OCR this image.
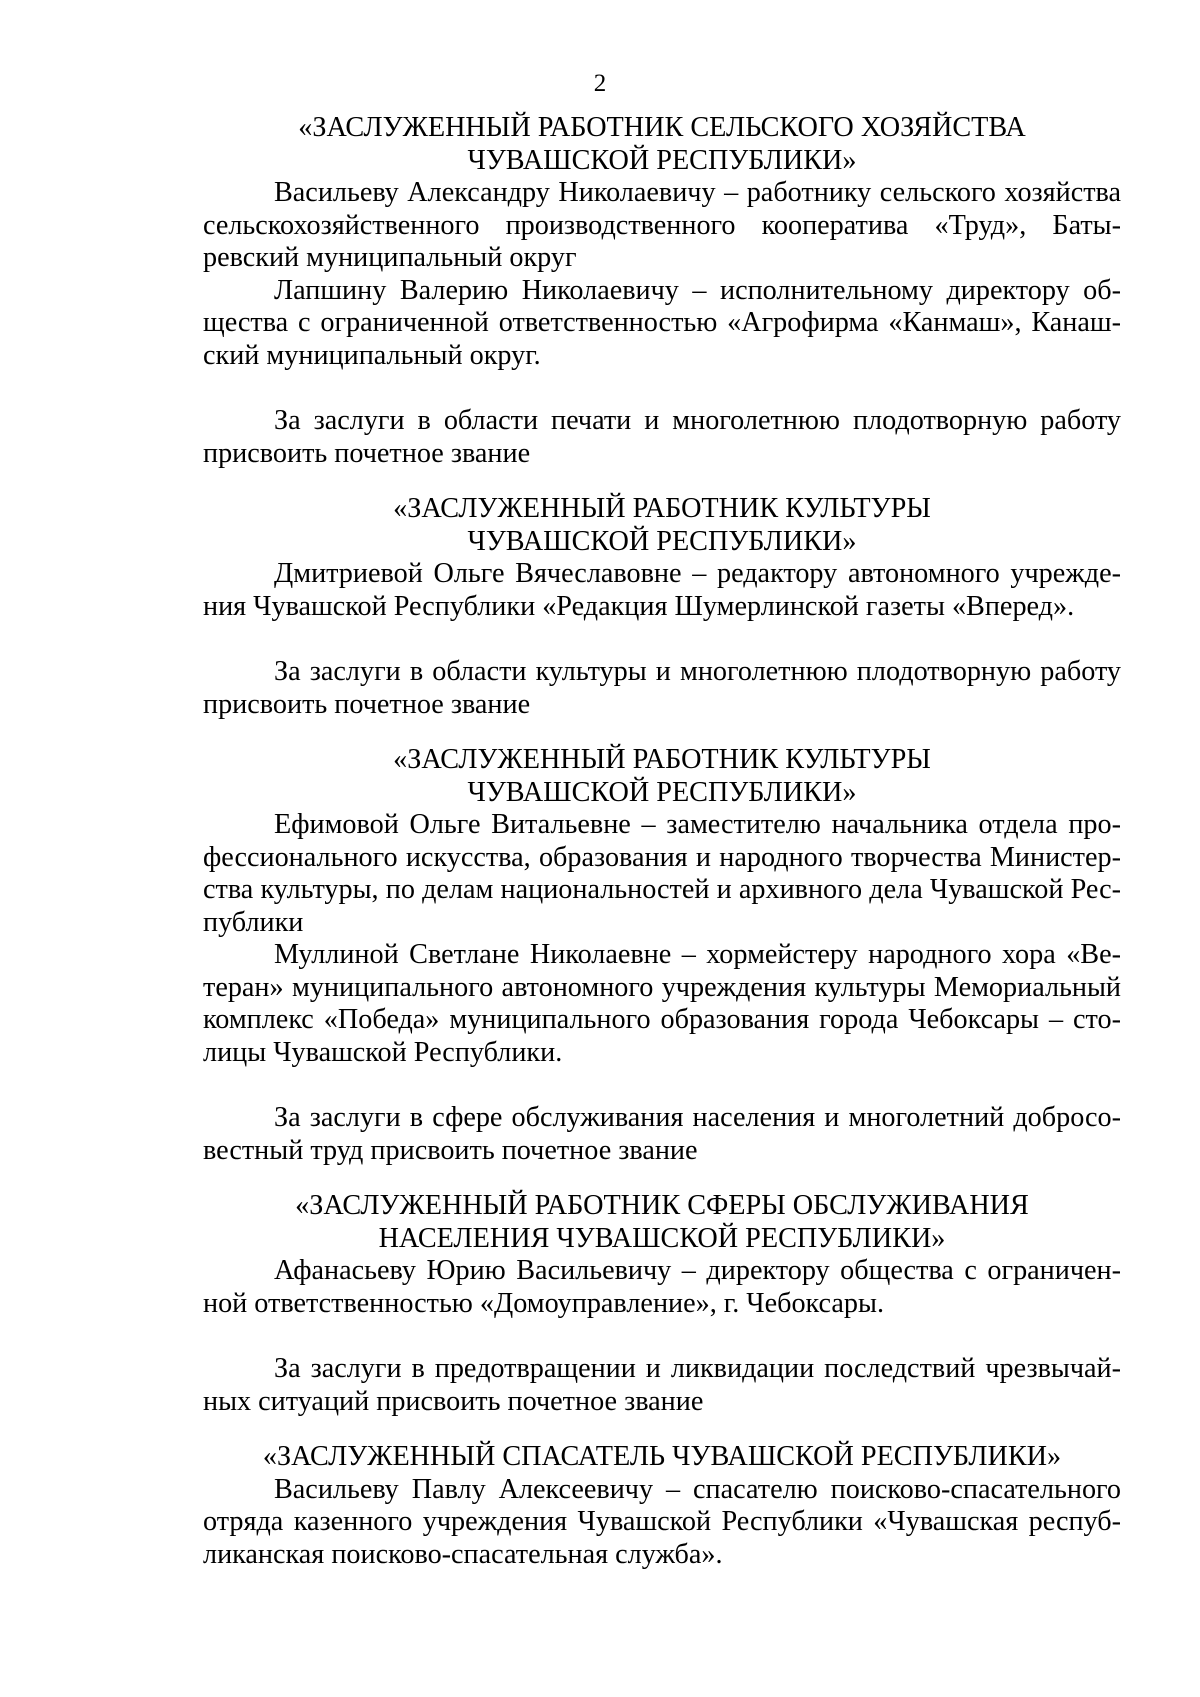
2
«ЗАСЛУЖЕННЫЙ РАБОТНИК СЕЛЬСКОГО ХОЗЯЙСТВА
ЧУВАШСКОЙ РЕСПУБЛИКИ»

Васильеву Александру Николаевичу – работнику сельского хозяйства сельскохозяйственного производственного кооператива «Труд», Батыревский муниципальный округ

Лапшину Валерию Николаевичу – исполнительному директору общества с ограниченной ответственностью «Агрофирма «Канмаш», Канашский муниципальный округ.

За заслуги в области печати и многолетнюю плодотворную работу присвоить почетное звание

«ЗАСЛУЖЕННЫЙ РАБОТНИК КУЛЬТУРЫ
ЧУВАШСКОЙ РЕСПУБЛИКИ»

Дмитриевой Ольге Вячеславовне – редактору автономного учреждения Чувашской Республики «Редакция Шумерлинской газеты «Вперед».

За заслуги в области культуры и многолетнюю плодотворную работу присвоить почетное звание

«ЗАСЛУЖЕННЫЙ РАБОТНИК КУЛЬТУРЫ
ЧУВАШСКОЙ РЕСПУБЛИКИ»

Ефимовой Ольге Витальевне – заместителю начальника отдела профессионального искусства, образования и народного творчества Министерства культуры, по делам национальностей и архивного дела Чувашской Республики

Муллиной Светлане Николаевне – хормейстеру народного хора «Ветеран» муниципального автономного учреждения культуры Мемориальный комплекс «Победа» муниципального образования города Чебоксары – столицы Чувашской Республики.

За заслуги в сфере обслуживания населения и многолетний добросовестный труд присвоить почетное звание

«ЗАСЛУЖЕННЫЙ РАБОТНИК СФЕРЫ ОБСЛУЖИВАНИЯ
НАСЕЛЕНИЯ ЧУВАШСКОЙ РЕСПУБЛИКИ»

Афанасьеву Юрию Васильевичу – директору общества с ограниченной ответственностью «Домоуправление», г. Чебоксары.

За заслуги в предотвращении и ликвидации последствий чрезвычайных ситуаций присвоить почетное звание

«ЗАСЛУЖЕННЫЙ СПАСАТЕЛЬ ЧУВАШСКОЙ РЕСПУБЛИКИ»

Васильеву Павлу Алексеевичу – спасателю поисково-спасательного отряда казенного учреждения Чувашской Республики «Чувашская республиканская поисково-спасательная служба».
